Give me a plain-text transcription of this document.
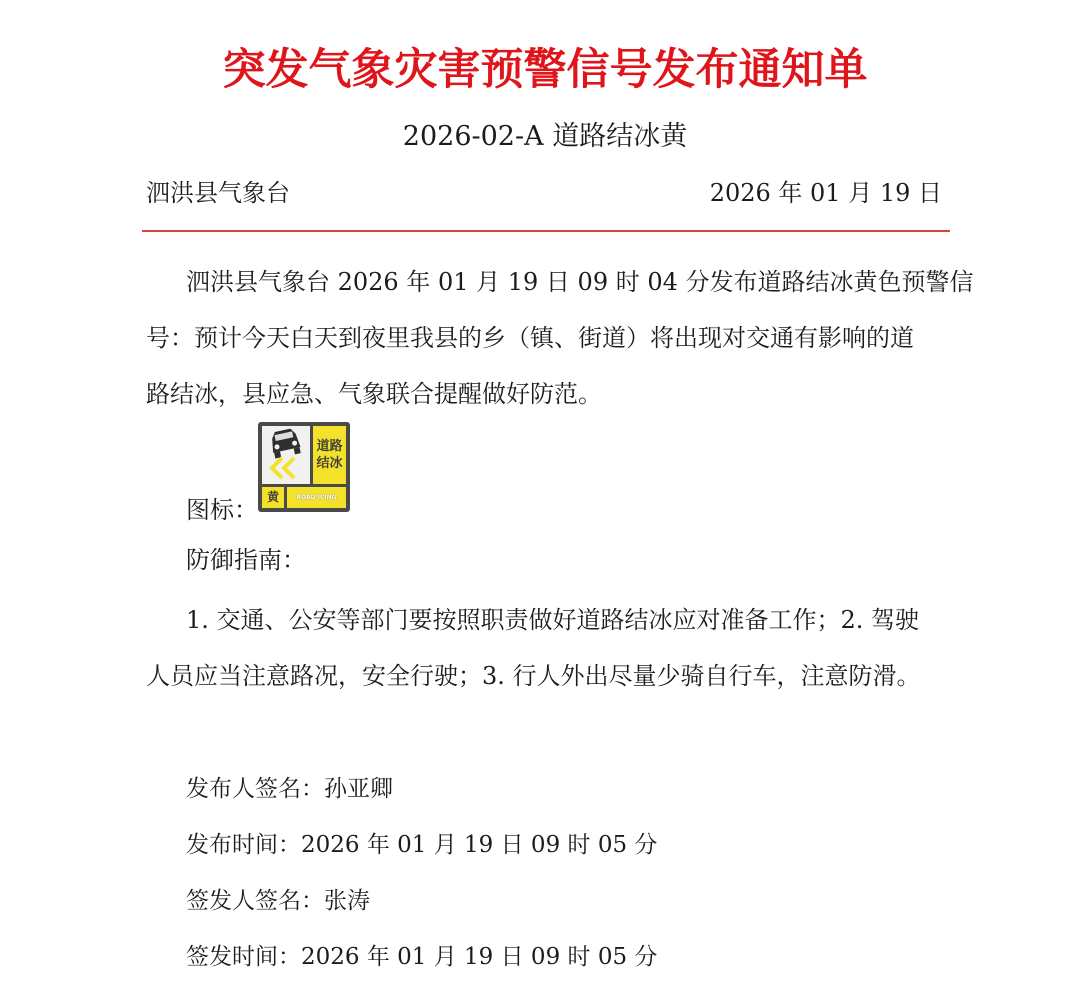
突发气象灾害预警信号发布通知单
2026-02-A 道路结冰黄
泗洪县气象台	2026 年 01 月 19 日
泗洪县气象台 2026 年 01 月 19 日 09 时 04 分发布道路结冰黄色预警信
号：预计今天白天到夜里我县的乡（镇、街道）将出现对交通有影响的道
路结冰，县应急、气象联合提醒做好防范。
图标：
道路
结冰
黄	ROAD ICING
防御指南：
1. 交通、公安等部门要按照职责做好道路结冰应对准备工作；2. 驾驶
人员应当注意路况，安全行驶；3. 行人外出尽量少骑自行车，注意防滑。
发布人签名：孙亚卿
发布时间：2026 年 01 月 19 日 09 时 05 分
签发人签名：张涛
签发时间：2026 年 01 月 19 日 09 时 05 分
